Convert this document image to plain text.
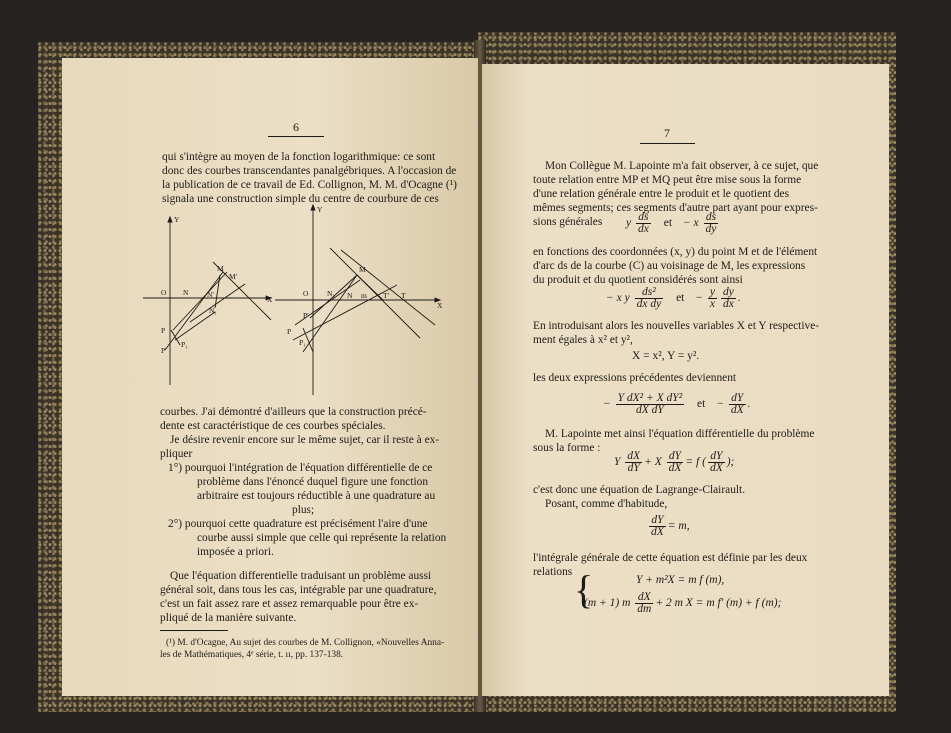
6
qui s'intègre au moyen de la fonction logarithmique: ce sont
donc des courbes transcendantes panalgébriques. A l'occasion de
la publication de ce travail de Ed. Collignon, M. M. d'Ocagne (¹)
signala une construction simple du centre de courbure de ces
Y
O N N'
M
M'
X
N₁
P
P'
P₁
Y
O N₁ N m T' T
M
X
P'
P
P₁
courbes. J'ai démontré d'ailleurs que la construction précé-
dente est caractéristique de ces courbes spéciales.
Je désire revenir encore sur le même sujet, car il reste à ex-
pliquer
1°) pourquoi l'intégration de l'équation différentielle de ce
problème dans l'énoncé duquel figure une fonction
arbitraire est toujours réductible à une quadrature au
plus;
2°) pourquoi cette quadrature est précisément l'aire d'une
courbe aussi simple que celle qui représente la relation
imposée a priori.
Que l'équation differentielle traduisant un problème aussi
général soit, dans tous les cas, intégrable par une quadrature,
c'est un fait assez rare et assez remarquable pour être ex-
pliqué de la manière suivante.
(¹) M. d'Ocagne, Au sujet des courbes de M. Collignon, «Nouvelles Anna-
les de Mathématiques, 4ᵉ série, t. ıı, pp. 137-138.
7
Mon Collègue M. Lapointe m'a fait observer, à ce sujet, que
toute relation entre MP et MQ peut être mise sous la forme
d'une relation générale entre le produit et le quotient des
mêmes segments; ces segments d'autre part ayant pour expres-
sions générales y $\frac{ds}{dx}$ et − x $\frac{ds}{dy}$
en fonctions des coordonnées (x, y) du point M et de l'élément
d'arc ds de la courbe (C) au voisinage de M, les expressions
du produit et du quotient considérés sont ainsi
− x y $\frac{\text{ds²}}{\text{dx dy}}$ et − $\frac{y}{x} \frac{dy}{dx}$ .
En introduisant alors les nouvelles variables X et Y respective-
ment égales à x² et y²,
X = x², Y = y².
les deux expressions précédentes deviennent
− $\frac{\text{Y dX² + X dY²}}{\text{dX dY}}$ et − $\frac{dY}{dX}$ .
M. Lapointe met ainsi l'équation différentielle du problème
sous la forme :
Y $\frac{dX}{dY} + X \frac{dY}{dX} = f$ ( $\frac{dY}{dX}$ );
c'est donc une équation de Lagrange-Clairault.
Posant, comme d'habitude,
$\frac{dY}{dX} = m$,
l'intégrale générale de cette équation est définie par les deux
relations {	Y + m²X = m f (m),
(m + 1) m $\frac{dX}{dm} + 2$ m X = m f′ (m) + f (m);
